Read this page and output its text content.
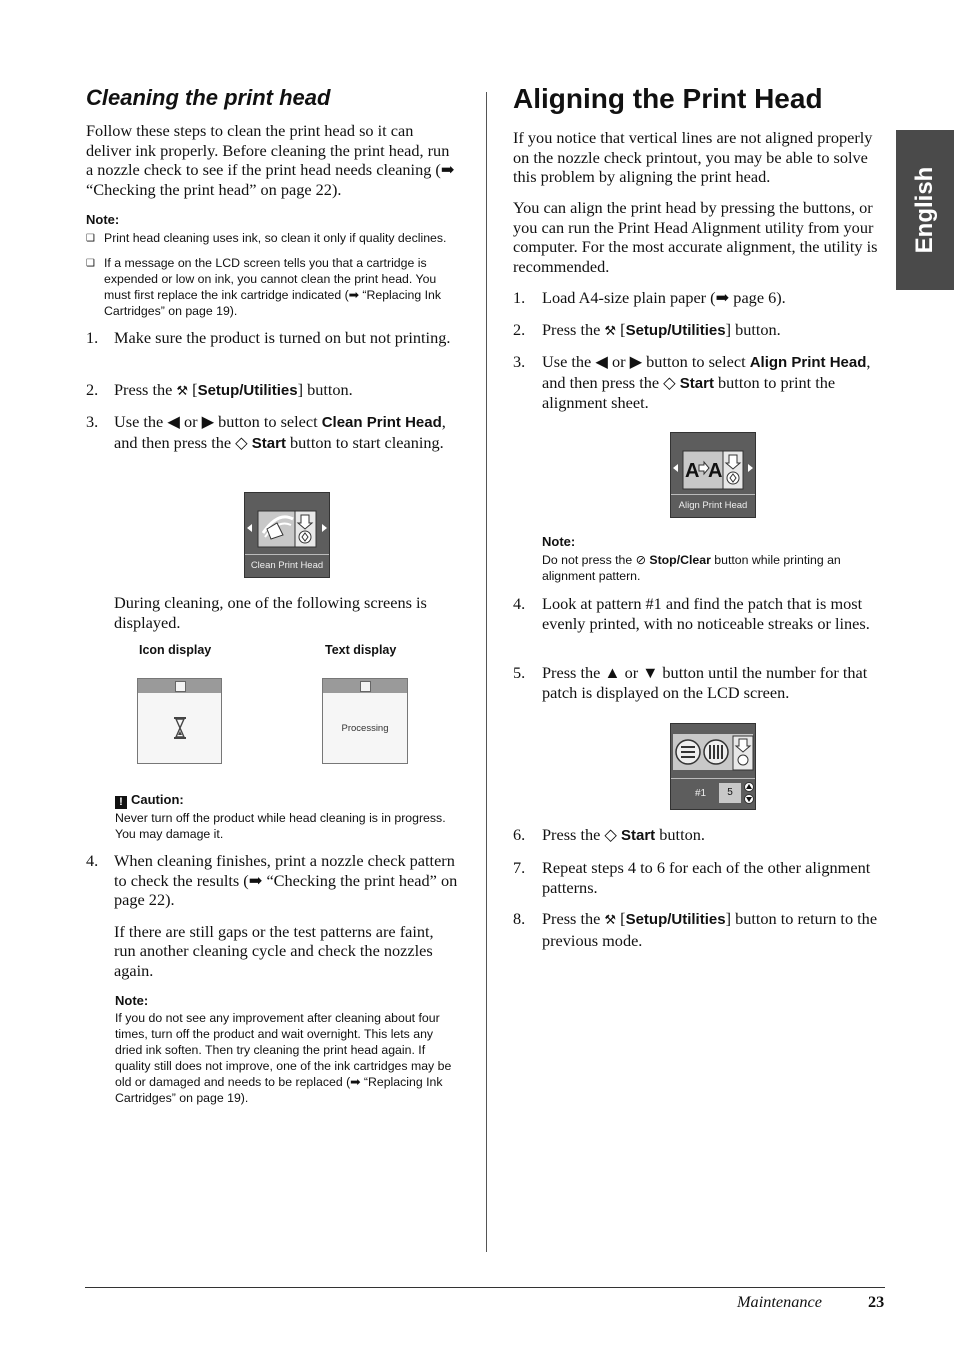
English
Cleaning the print head
Follow these steps to clean the print head so it can deliver ink properly. Before cleaning the print head, run a nozzle check to see if the print head needs cleaning (➡ “Checking the print head” on page 22).
Note:
❑ Print head cleaning uses ink, so clean it only if quality declines.
❑ If a message on the LCD screen tells you that a cartridge is expended or low on ink, you cannot clean the print head. You must first replace the ink cartridge indicated (➡ “Replacing Ink Cartridges” on page 19).
1. Make sure the product is turned on but not printing.
2. Press the ⚒ [Setup/Utilities] button.
3. Use the ◀ or ▶ button to select Clean Print Head, and then press the ◇ Start button to start cleaning.
Clean Print Head
During cleaning, one of the following screens is displayed.
Icon display	Text display
Processing
! Caution:
Never turn off the product while head cleaning is in progress. You may damage it.
4. When cleaning finishes, print a nozzle check pattern to check the results (➡ “Checking the print head” on page 22).
If there are still gaps or the test patterns are faint, run another cleaning cycle and check the nozzles again.
Note:
If you do not see any improvement after cleaning about four times, turn off the product and wait overnight. This lets any dried ink soften. Then try cleaning the print head again. If quality still does not improve, one of the ink cartridges may be old or damaged and needs to be replaced (➡ “Replacing Ink Cartridges” on page 19).
Aligning the Print Head
If you notice that vertical lines are not aligned properly on the nozzle check printout, you may be able to solve this problem by aligning the print head.
You can align the print head by pressing the buttons, or you can run the Print Head Alignment utility from your computer. For the most accurate alignment, the utility is recommended.
1. Load A4-size plain paper (➡ page 6).
2. Press the ⚒ [Setup/Utilities] button.
3. Use the ◀ or ▶ button to select Align Print Head, and then press the ◇ Start button to print the alignment sheet.
A A
Align Print Head
Note:
Do not press the ⊘ Stop/Clear button while printing an alignment pattern.
4. Look at pattern #1 and find the patch that is most evenly printed, with no noticeable streaks or lines.
5. Press the ▲ or ▼ button until the number for that patch is displayed on the LCD screen.
#1	5
6. Press the ◇ Start button.
7. Repeat steps 4 to 6 for each of the other alignment patterns.
8. Press the ⚒ [Setup/Utilities] button to return to the previous mode.
Maintenance	23
